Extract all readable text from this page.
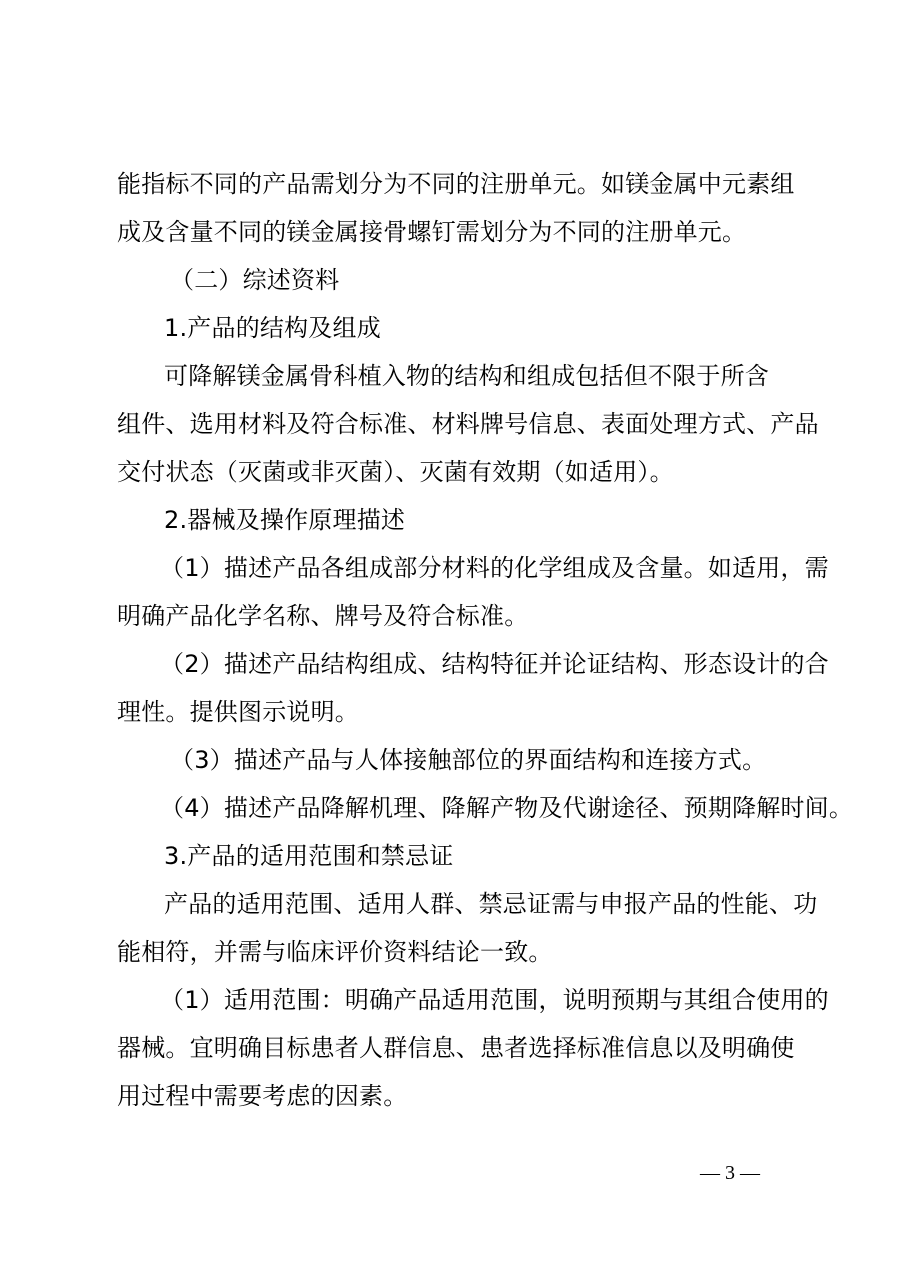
能指标不同的产品需划分为不同的注册单元。如镁金属中元素组
成及含量不同的镁金属接骨螺钉需划分为不同的注册单元。
（二）综述资料
1.产品的结构及组成
可降解镁金属骨科植入物的结构和组成包括但不限于所含
组件、选用材料及符合标准、材料牌号信息、表面处理方式、产品
交付状态（灭菌或非灭菌）、灭菌有效期（如适用）。
2.器械及操作原理描述
（1）描述产品各组成部分材料的化学组成及含量。如适用，需
明确产品化学名称、牌号及符合标准。
（2）描述产品结构组成、结构特征并论证结构、形态设计的合
理性。提供图示说明。
（3）描述产品与人体接触部位的界面结构和连接方式。
（4）描述产品降解机理、降解产物及代谢途径、预期降解时间。
3.产品的适用范围和禁忌证
产品的适用范围、适用人群、禁忌证需与申报产品的性能、功
能相符，并需与临床评价资料结论一致。
（1）适用范围：明确产品适用范围，说明预期与其组合使用的
器械。宜明确目标患者人群信息、患者选择标准信息以及明确使
用过程中需要考虑的因素。
— 3 —
